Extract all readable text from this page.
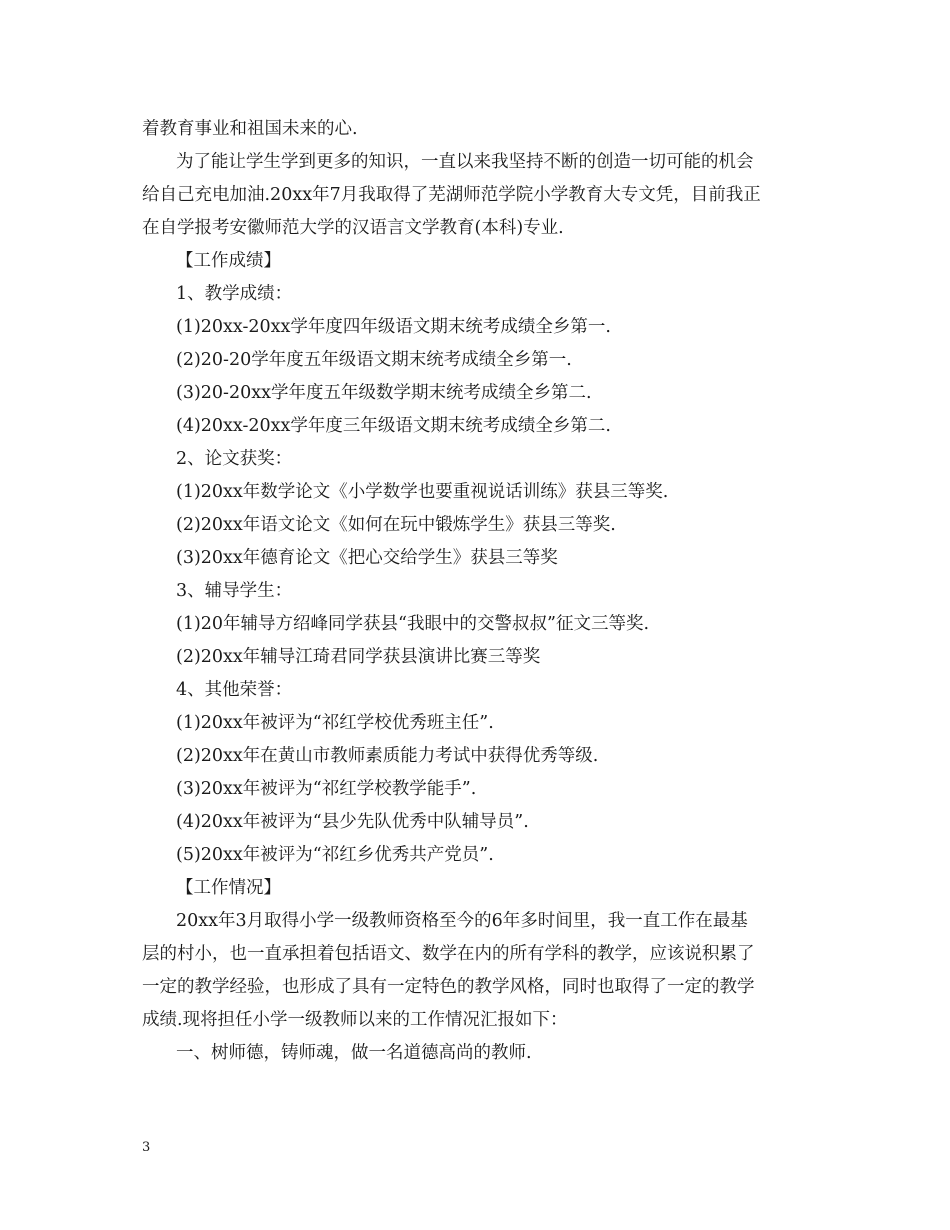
着教育事业和祖国未来的心.
为了能让学生学到更多的知识，一直以来我坚持不断的创造一切可能的机会
给自己充电加油.20xx年7月我取得了芜湖师范学院小学教育大专文凭，目前我正
在自学报考安徽师范大学的汉语言文学教育(本科)专业.
【工作成绩】
1、教学成绩：
(1)20xx-20xx学年度四年级语文期末统考成绩全乡第一.
(2)20-20学年度五年级语文期末统考成绩全乡第一.
(3)20-20xx学年度五年级数学期末统考成绩全乡第二.
(4)20xx-20xx学年度三年级语文期末统考成绩全乡第二.
2、论文获奖：
(1)20xx年数学论文《小学数学也要重视说话训练》获县三等奖.
(2)20xx年语文论文《如何在玩中锻炼学生》获县三等奖.
(3)20xx年德育论文《把心交给学生》获县三等奖
3、辅导学生：
(1)20年辅导方绍峰同学获县“我眼中的交警叔叔”征文三等奖.
(2)20xx年辅导江琦君同学获县演讲比赛三等奖
4、其他荣誉：
(1)20xx年被评为“祁红学校优秀班主任”.
(2)20xx年在黄山市教师素质能力考试中获得优秀等级.
(3)20xx年被评为“祁红学校教学能手”.
(4)20xx年被评为“县少先队优秀中队辅导员”.
(5)20xx年被评为“祁红乡优秀共产党员”.
【工作情况】
20xx年3月取得小学一级教师资格至今的6年多时间里，我一直工作在最基
层的村小，也一直承担着包括语文、数学在内的所有学科的教学，应该说积累了
一定的教学经验，也形成了具有一定特色的教学风格，同时也取得了一定的教学
成绩.现将担任小学一级教师以来的工作情况汇报如下：
一、树师德，铸师魂，做一名道德高尚的教师.
3
